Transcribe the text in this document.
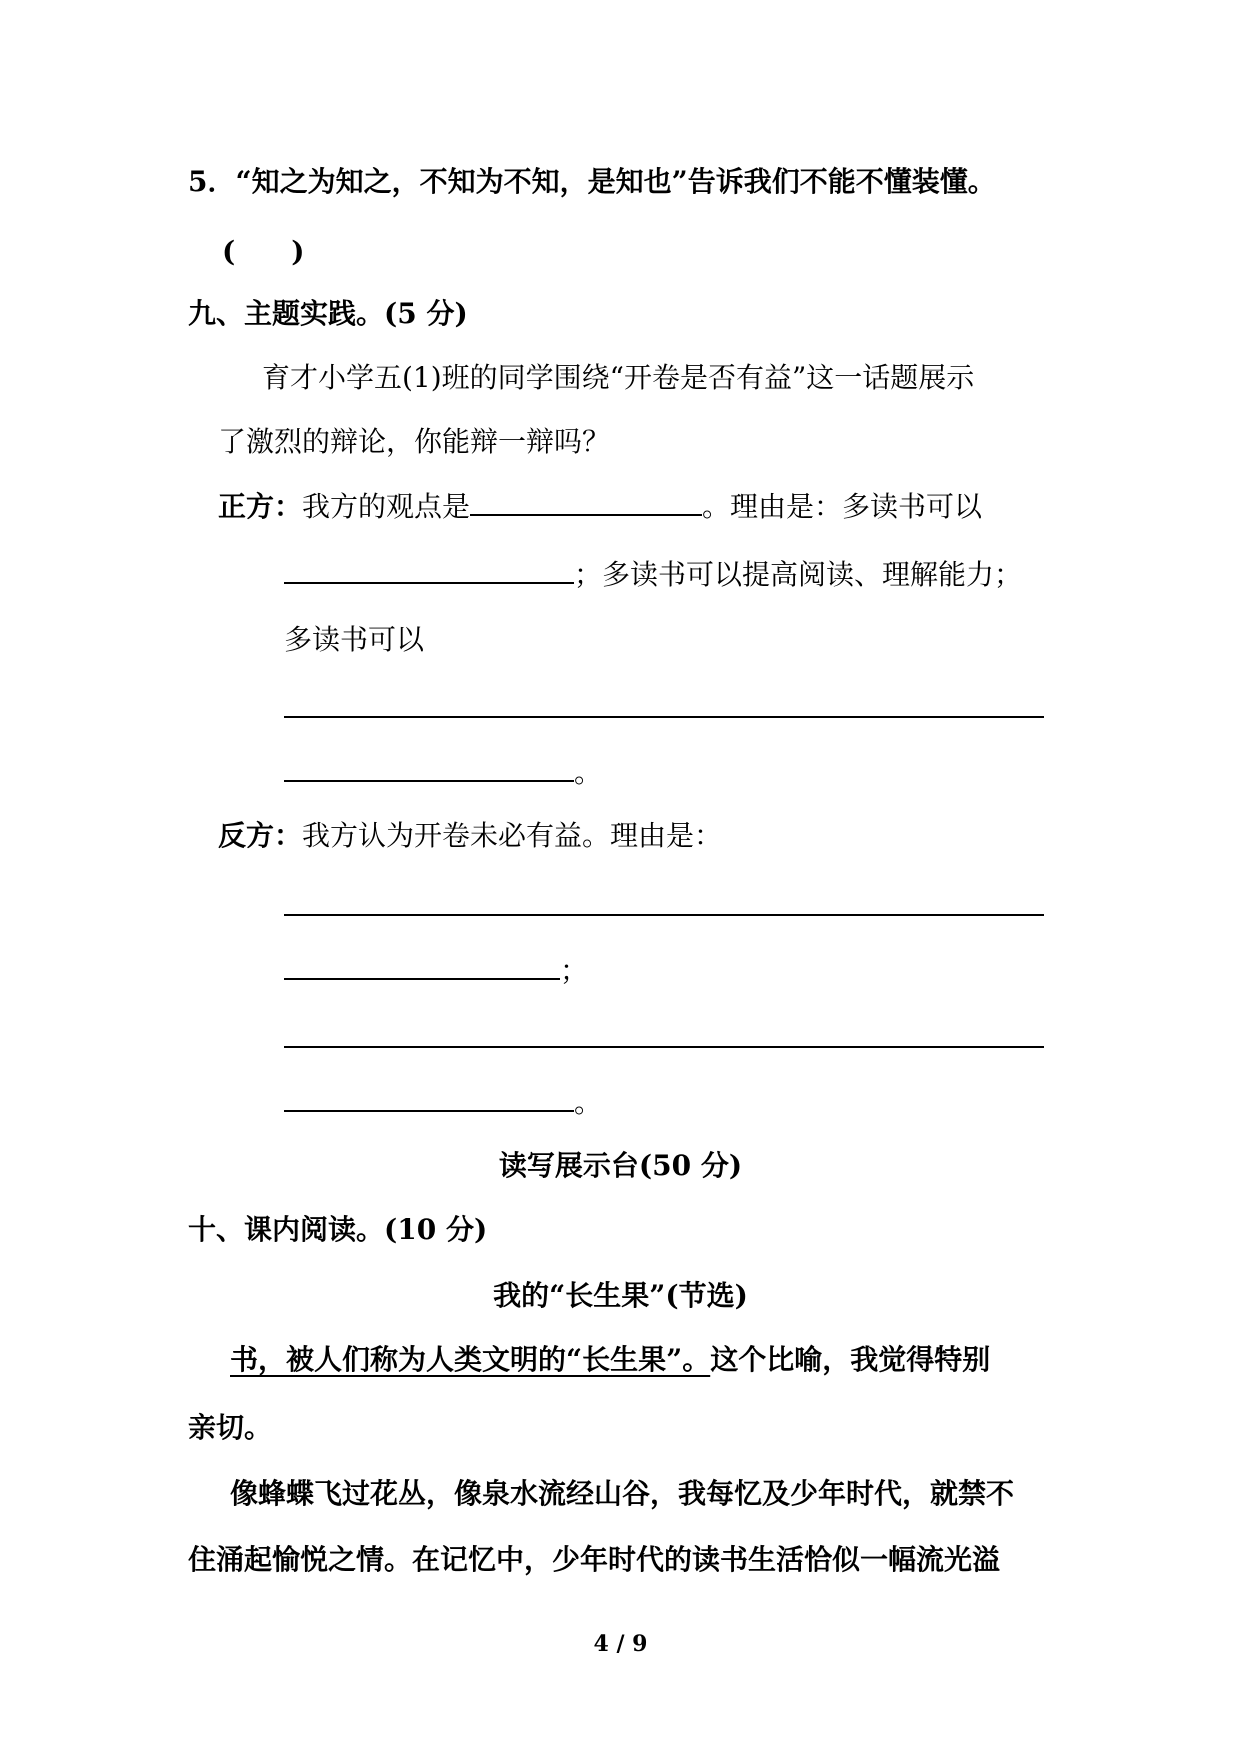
5．“知之为知之，不知为不知，是知也”告诉我们不能不懂装懂。
(　　)
九、主题实践。(5 分)
育才小学五(1)班的同学围绕“开卷是否有益”这一话题展示
了激烈的辩论，你能辩一辩吗？
正方：我方的观点是	。理由是：多读书可以
；多读书可以提高阅读、理解能力；
多读书可以
。
反方：我方认为开卷未必有益。理由是：
；
。
读写展示台(50 分)
十、课内阅读。(10 分)
我的“长生果”(节选)
书，被人们称为人类文明的“长生果”。这个比喻，我觉得特别
亲切。
像蜂蝶飞过花丛，像泉水流经山谷，我每忆及少年时代，就禁不
住涌起愉悦之情。在记忆中，少年时代的读书生活恰似一幅流光溢
4 / 9
